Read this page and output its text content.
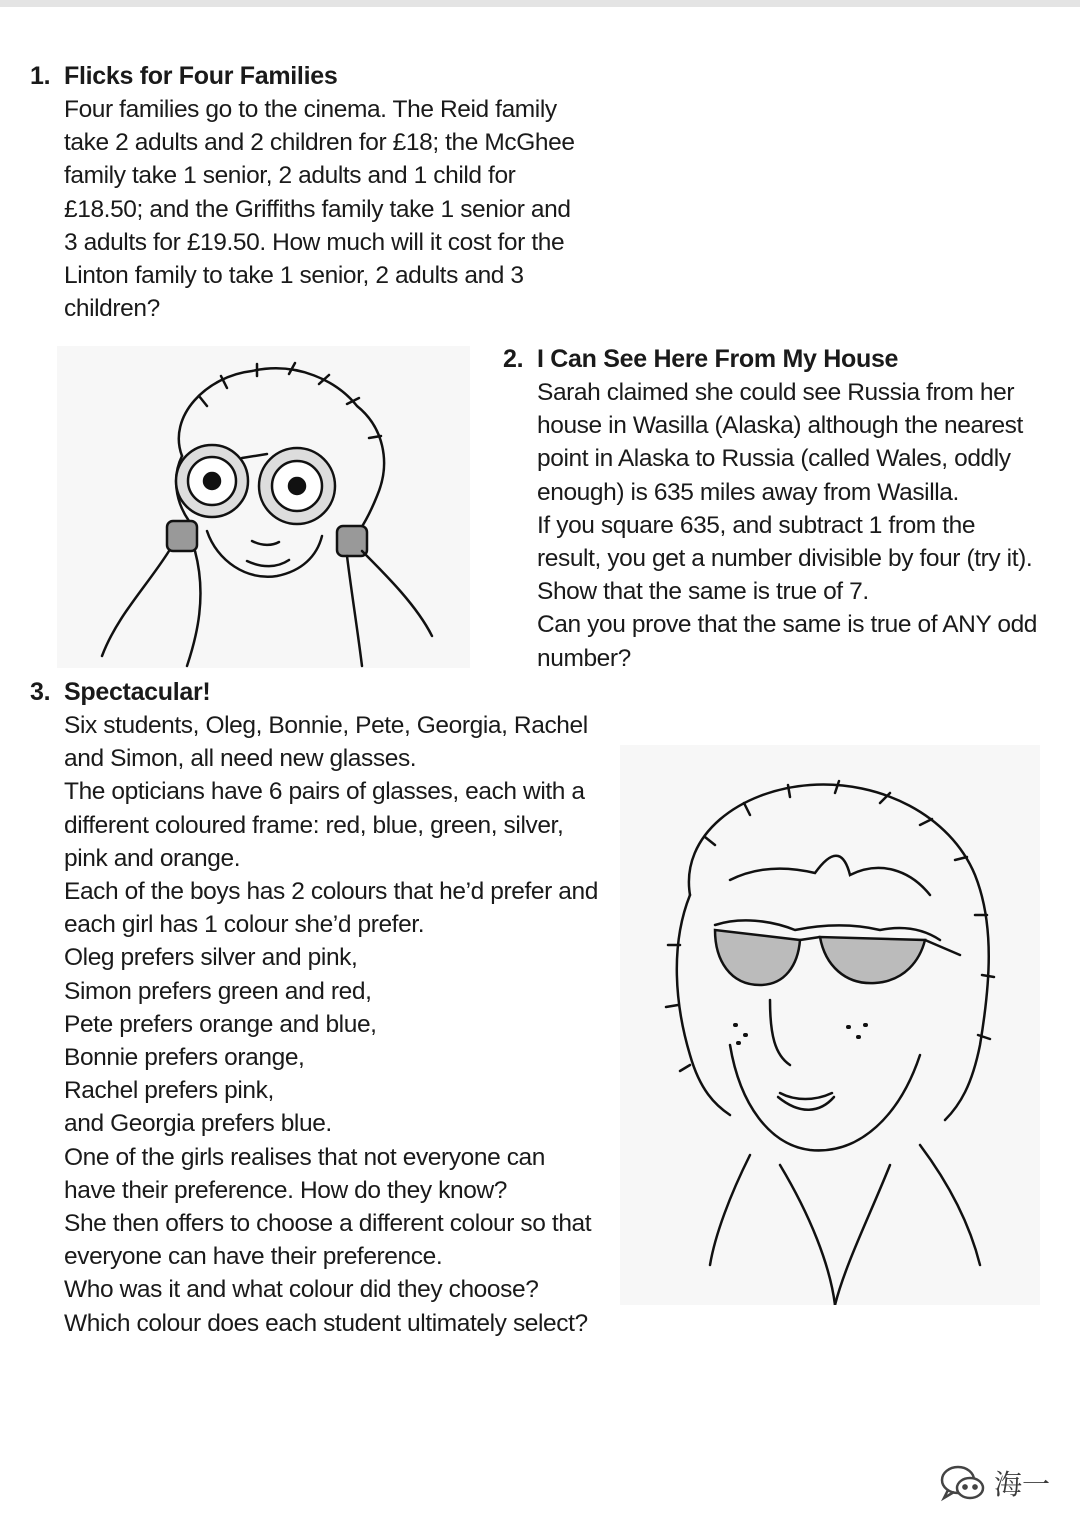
1. Flicks for Four Families
Four families go to the cinema. The Reid family
take 2 adults and 2 children for £18; the McGhee
family take 1 senior, 2 adults and 1 child for
£18.50; and the Griffiths family take 1 senior and
3 adults for £19.50. How much will it cost for the
Linton family to take 1 senior, 2 adults and 3
children?
2. I Can See Here From My House
Sarah claimed she could see Russia from her
house in Wasilla (Alaska) although the nearest
point in Alaska to Russia (called Wales, oddly
enough) is 635 miles away from Wasilla.
If you square 635, and subtract 1 from the
result, you get a number divisible by four (try it).
Show that the same is true of 7.
Can you prove that the same is true of ANY odd
number?
3. Spectacular!
Six students, Oleg, Bonnie, Pete, Georgia, Rachel
and Simon, all need new glasses.
The opticians have 6 pairs of glasses, each with a
different coloured frame: red, blue, green, silver,
pink and orange.
Each of the boys has 2 colours that he’d prefer and
each girl has 1 colour she’d prefer.
Oleg prefers silver and pink,
Simon prefers green and red,
Pete prefers orange and blue,
Bonnie prefers orange,
Rachel prefers pink,
and Georgia prefers blue.
One of the girls realises that not everyone can
have their preference. How do they know?
She then offers to choose a different colour so that
everyone can have their preference.
Who was it and what colour did they choose?
Which colour does each student ultimately select?
海一
